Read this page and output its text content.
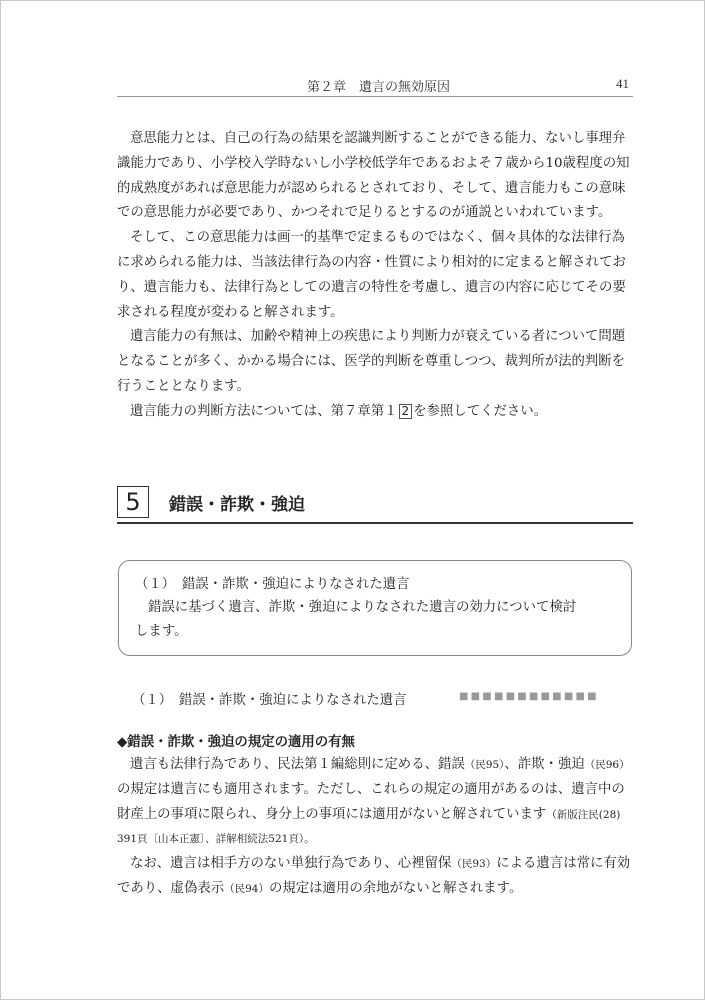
第２章　遺言の無効原因	41
意思能力とは、自己の行為の結果を認識判断することができる能力、ないし事理弁
識能力であり、小学校入学時ないし小学校低学年であるおよそ７歳から10歳程度の知
的成熟度があれば意思能力が認められるとされており、そして、遺言能力もこの意味
での意思能力が必要であり、かつそれで足りるとするのが通説といわれています。
そして、この意思能力は画一的基準で定まるものではなく、個々具体的な法律行為
に求められる能力は、当該法律行為の内容・性質により相対的に定まると解されてお
り、遺言能力も、法律行為としての遺言の特性を考慮し、遺言の内容に応じてその要
求される程度が変わると解されます。
遺言能力の有無は、加齢や精神上の疾患により判断力が衰えている者について問題
となることが多く、かかる場合には、医学的判断を尊重しつつ、裁判所が法的判断を
行うこととなります。
遺言能力の判断方法については、第７章第１ 2 を参照してください。
5	錯誤・詐欺・強迫
（１）　錯誤・詐欺・強迫によりなされた遺言
錯誤に基づく遺言、詐欺・強迫によりなされた遺言の効力について検討
します。
（１）　錯誤・詐欺・強迫によりなされた遺言	■■■■■■■■■■■■
◆錯誤・詐欺・強迫の規定の適用の有無
遺言も法律行為であり、民法第１編総則に定める、錯誤（民95）、詐欺・強迫（民96）
の規定は遺言にも適用されます。ただし、これらの規定の適用があるのは、遺言中の
財産上の事項に限られ、身分上の事項には適用がないと解されています（新版注民(28)
391頁〔山本正憲〕、詳解相続法521頁）。
なお、遺言は相手方のない単独行為であり、心裡留保（民93）による遺言は常に有効
であり、虚偽表示（民94）の規定は適用の余地がないと解されます。
